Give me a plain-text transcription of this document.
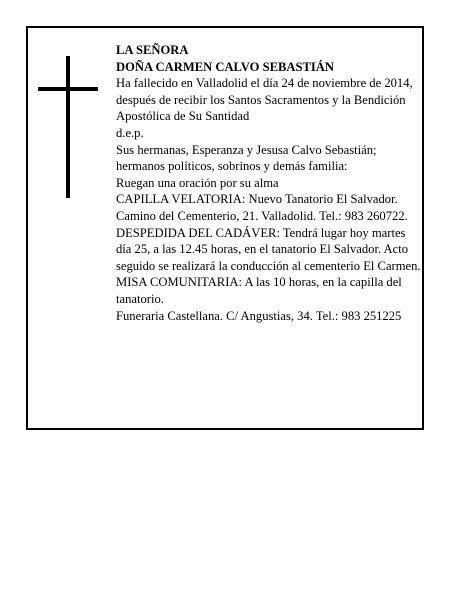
LA SEÑORA

DOÑA CARMEN CALVO SEBASTIÁN

Ha fallecido en Valladolid el día 24 de noviembre de 2014, después de recibir los Santos Sacramentos y la Bendición Apostólica de Su Santidad

d.e.p.

Sus hermanas, Esperanza y Jesusa Calvo Sebastián; hermanos políticos, sobrinos y demás familia:

Ruegan una oración por su alma

CAPILLA VELATORIA: Nuevo Tanatorio El Salvador. Camino del Cementerio, 21. Valladolid. Tel.: 983 260722.

DESPEDIDA DEL CADÁVER: Tendrá lugar hoy martes día 25, a las 12.45 horas, en el tanatorio El Salvador. Acto seguido se realizará la conducción al cementerio El Carmen.

MISA COMUNITARIA: A las 10 horas, en la capilla del tanatorio.

Funeraria Castellana. C/ Angustias, 34. Tel.: 983 251225
